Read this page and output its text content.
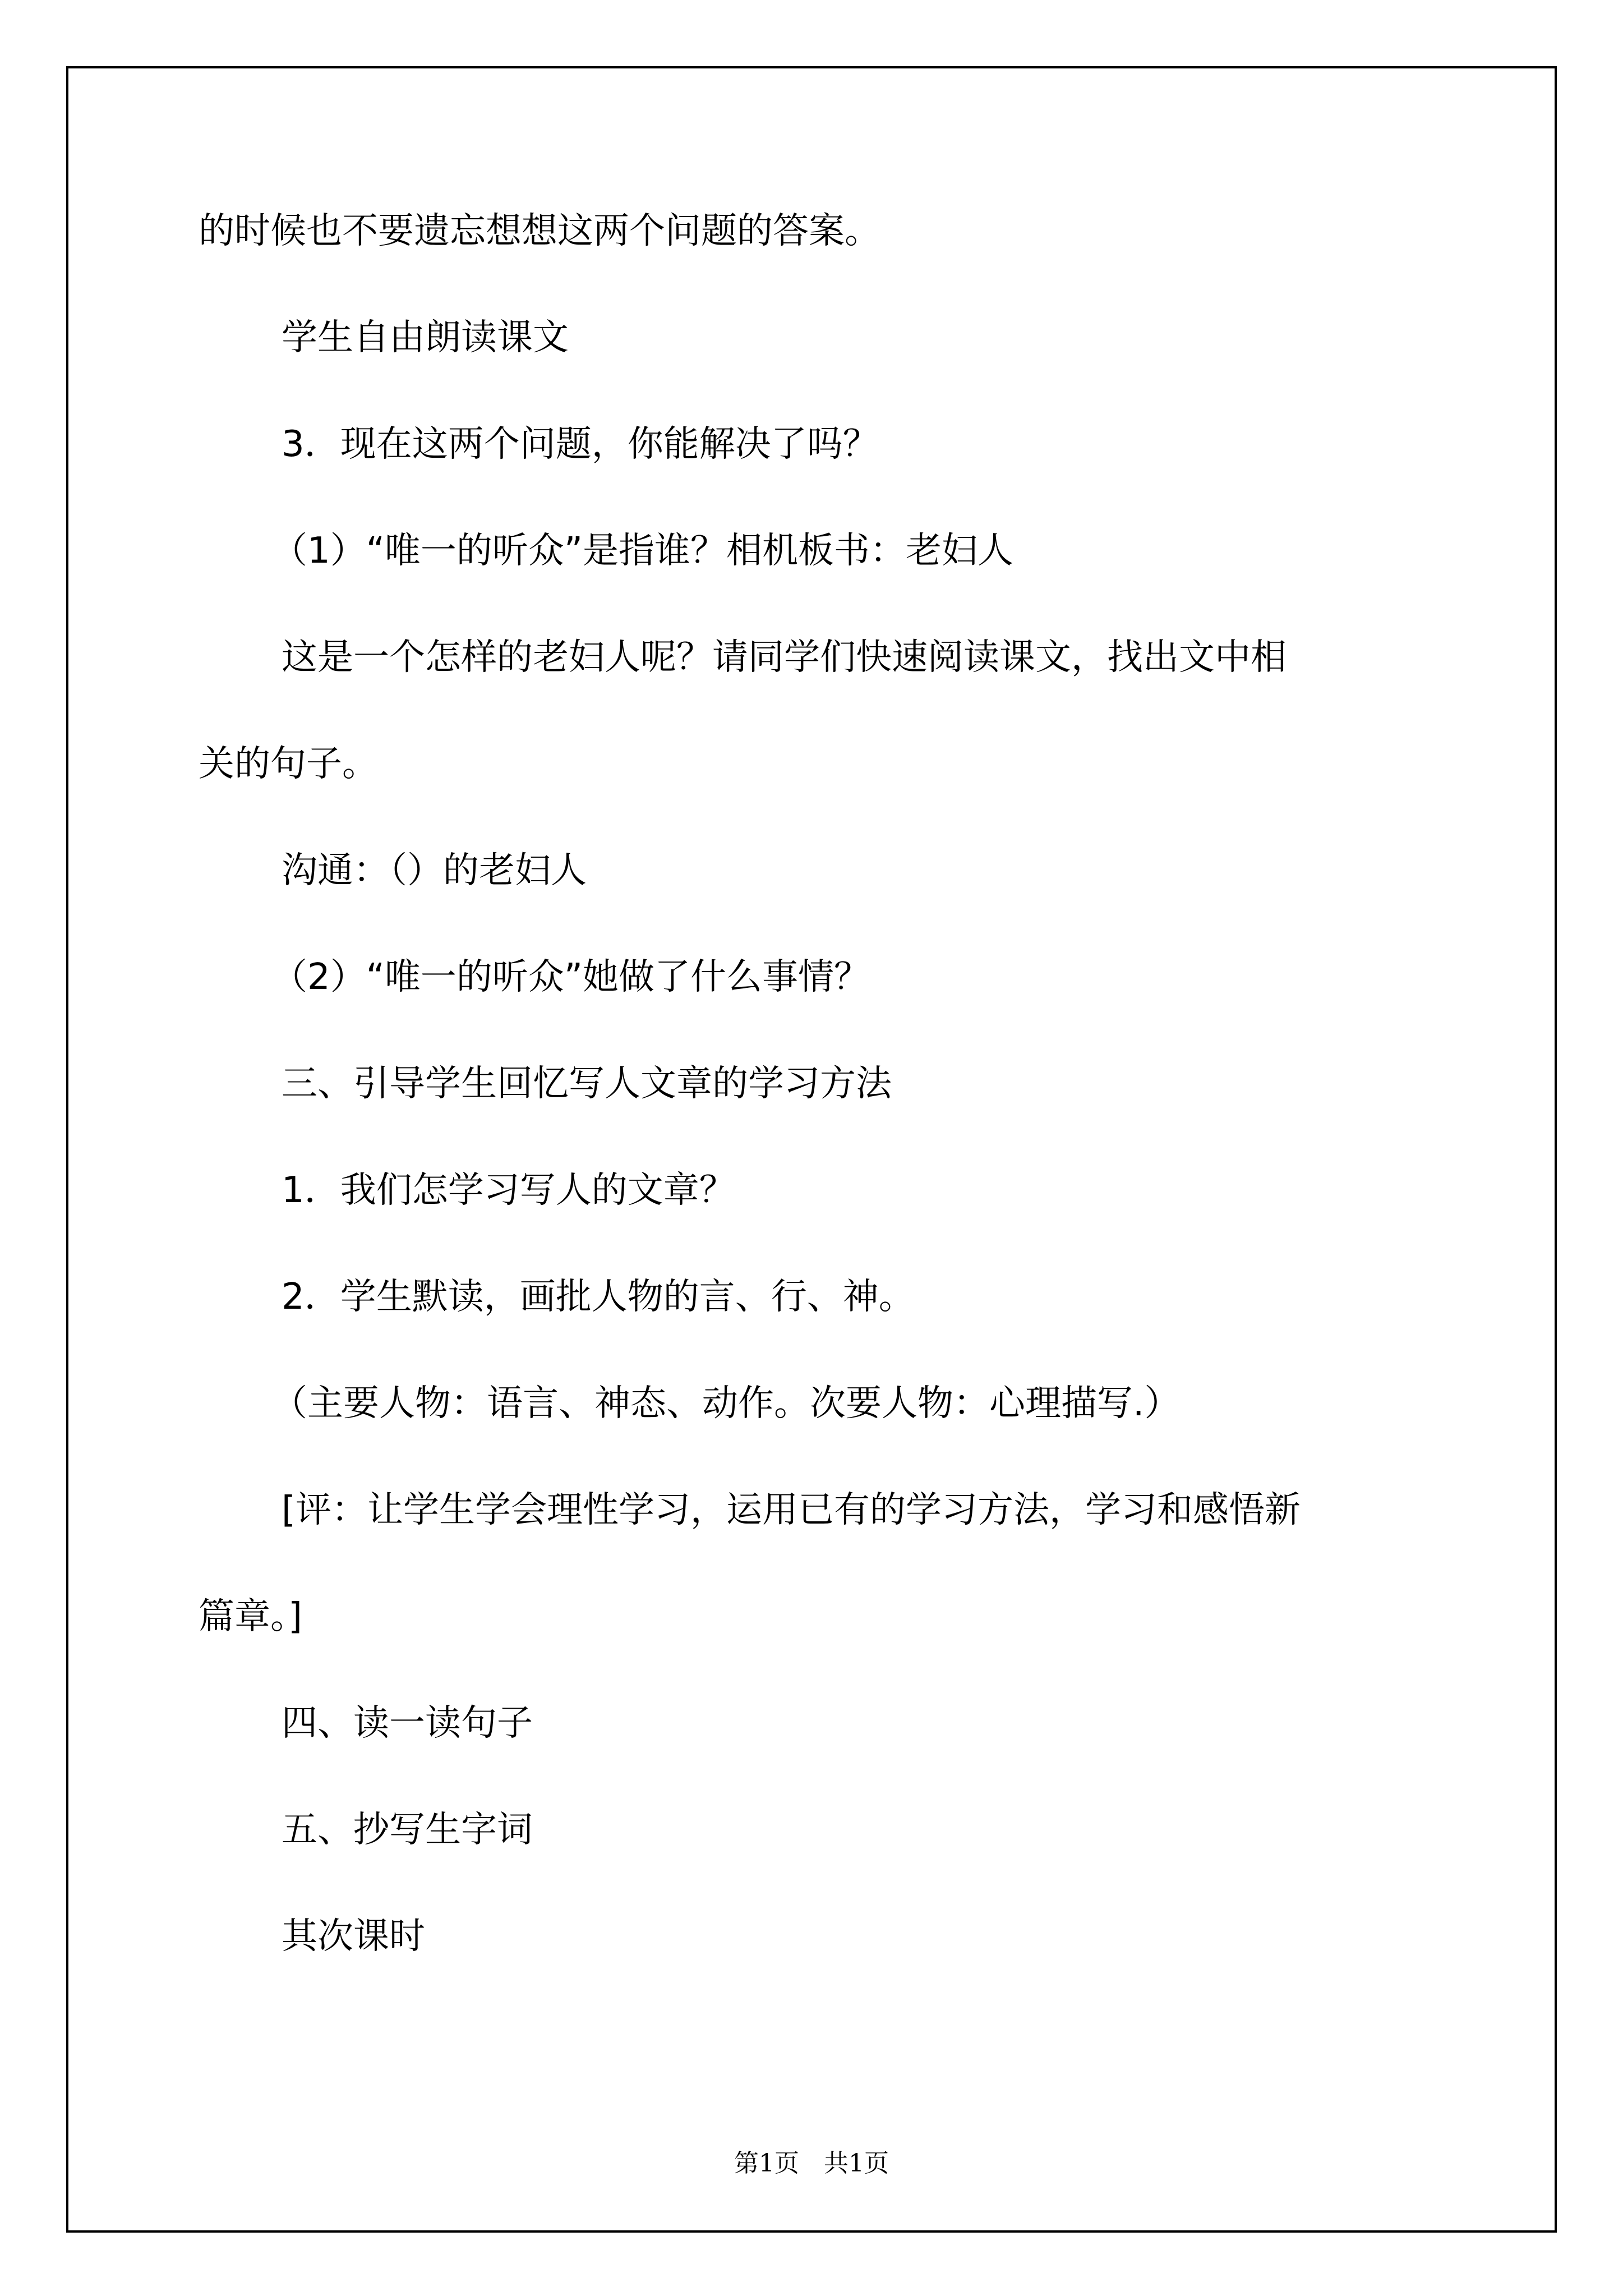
的时候也不要遗忘想想这两个问题的答案。
学生自由朗读课文
3．现在这两个问题，你能解决了吗？
（1）“唯一的听众”是指谁？相机板书：老妇人
这是一个怎样的老妇人呢？请同学们快速阅读课文，找出文中相
关的句子。
沟通：（）的老妇人
（2）“唯一的听众”她做了什么事情？
三、引导学生回忆写人文章的学习方法
1．我们怎学习写人的文章？
2．学生默读，画批人物的言、行、神。
（主要人物：语言、神态、动作。次要人物：心理描写.）
[评：让学生学会理性学习，运用已有的学习方法，学习和感悟新
篇章。]
四、读一读句子
五、抄写生字词
其次课时
第1页　共1页
